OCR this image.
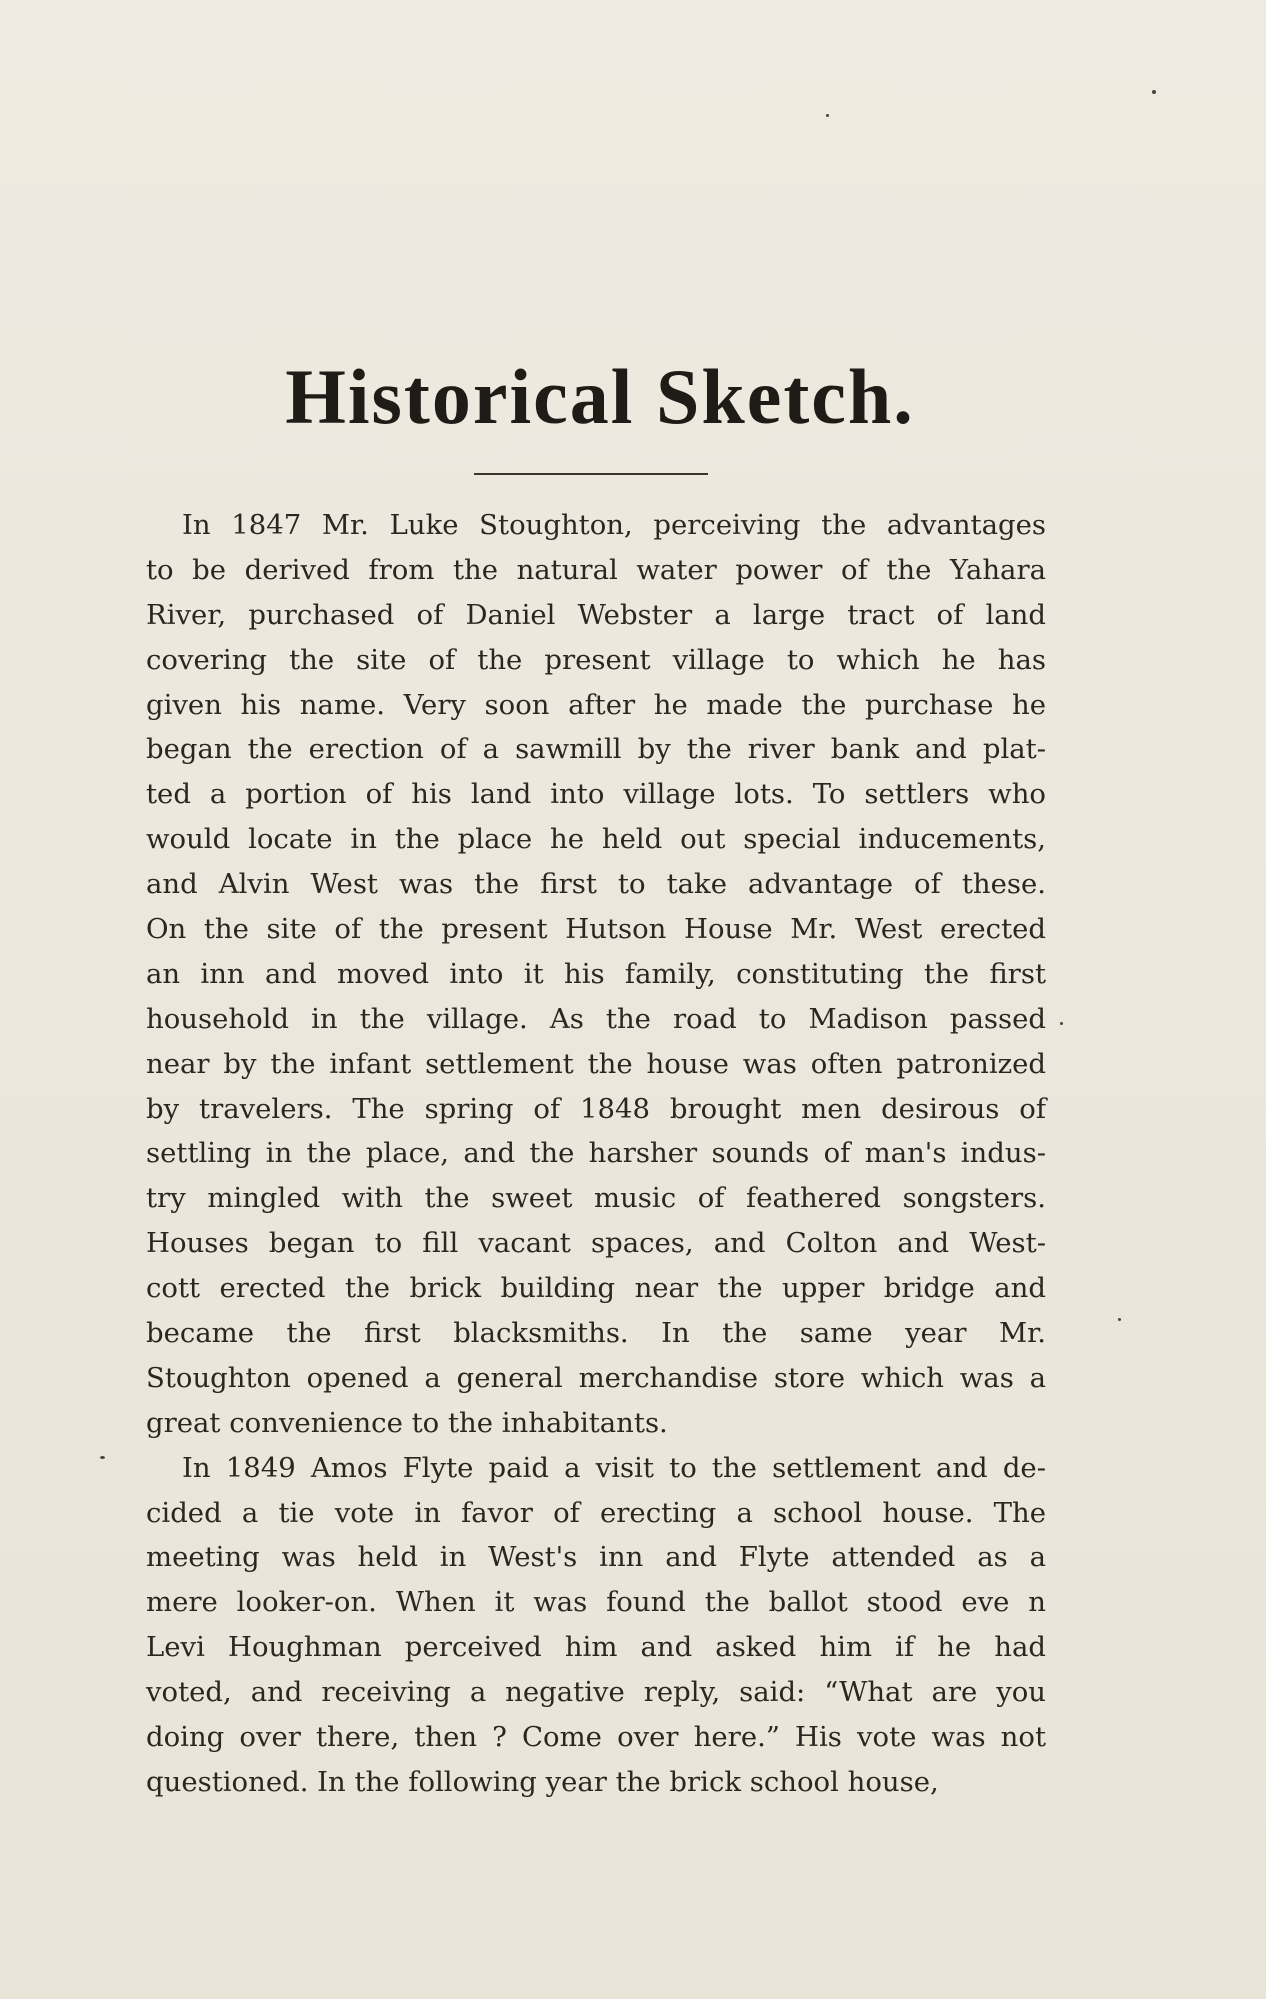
Historical Sketch.
In 1847 Mr. Luke Stoughton, perceiving the advantages
to be derived from the natural water power of the Yahara
River, purchased of Daniel Webster a large tract of land
covering the site of the present village to which he has
given his name. Very soon after he made the purchase he
began the erection of a sawmill by the river bank and plat-
ted a portion of his land into village lots. To settlers who
would locate in the place he held out special inducements,
and Alvin West was the first to take advantage of these.
On the site of the present Hutson House Mr. West erected
an inn and moved into it his family, constituting the first
household in the village. As the road to Madison passed
near by the infant settlement the house was often patronized
by travelers. The spring of 1848 brought men desirous of
settling in the place, and the harsher sounds of man's indus-
try mingled with the sweet music of feathered songsters.
Houses began to fill vacant spaces, and Colton and West-
cott erected the brick building near the upper bridge and
became the first blacksmiths. In the same year Mr.
Stoughton opened a general merchandise store which was a
great convenience to the inhabitants.
In 1849 Amos Flyte paid a visit to the settlement and de-
cided a tie vote in favor of erecting a school house. The
meeting was held in West's inn and Flyte attended as a
mere looker-on. When it was found the ballot stood eve n
Levi Houghman perceived him and asked him if he had
voted, and receiving a negative reply, said: “What are you
doing over there, then ? Come over here.” His vote was not
questioned. In the following year the brick school house,
